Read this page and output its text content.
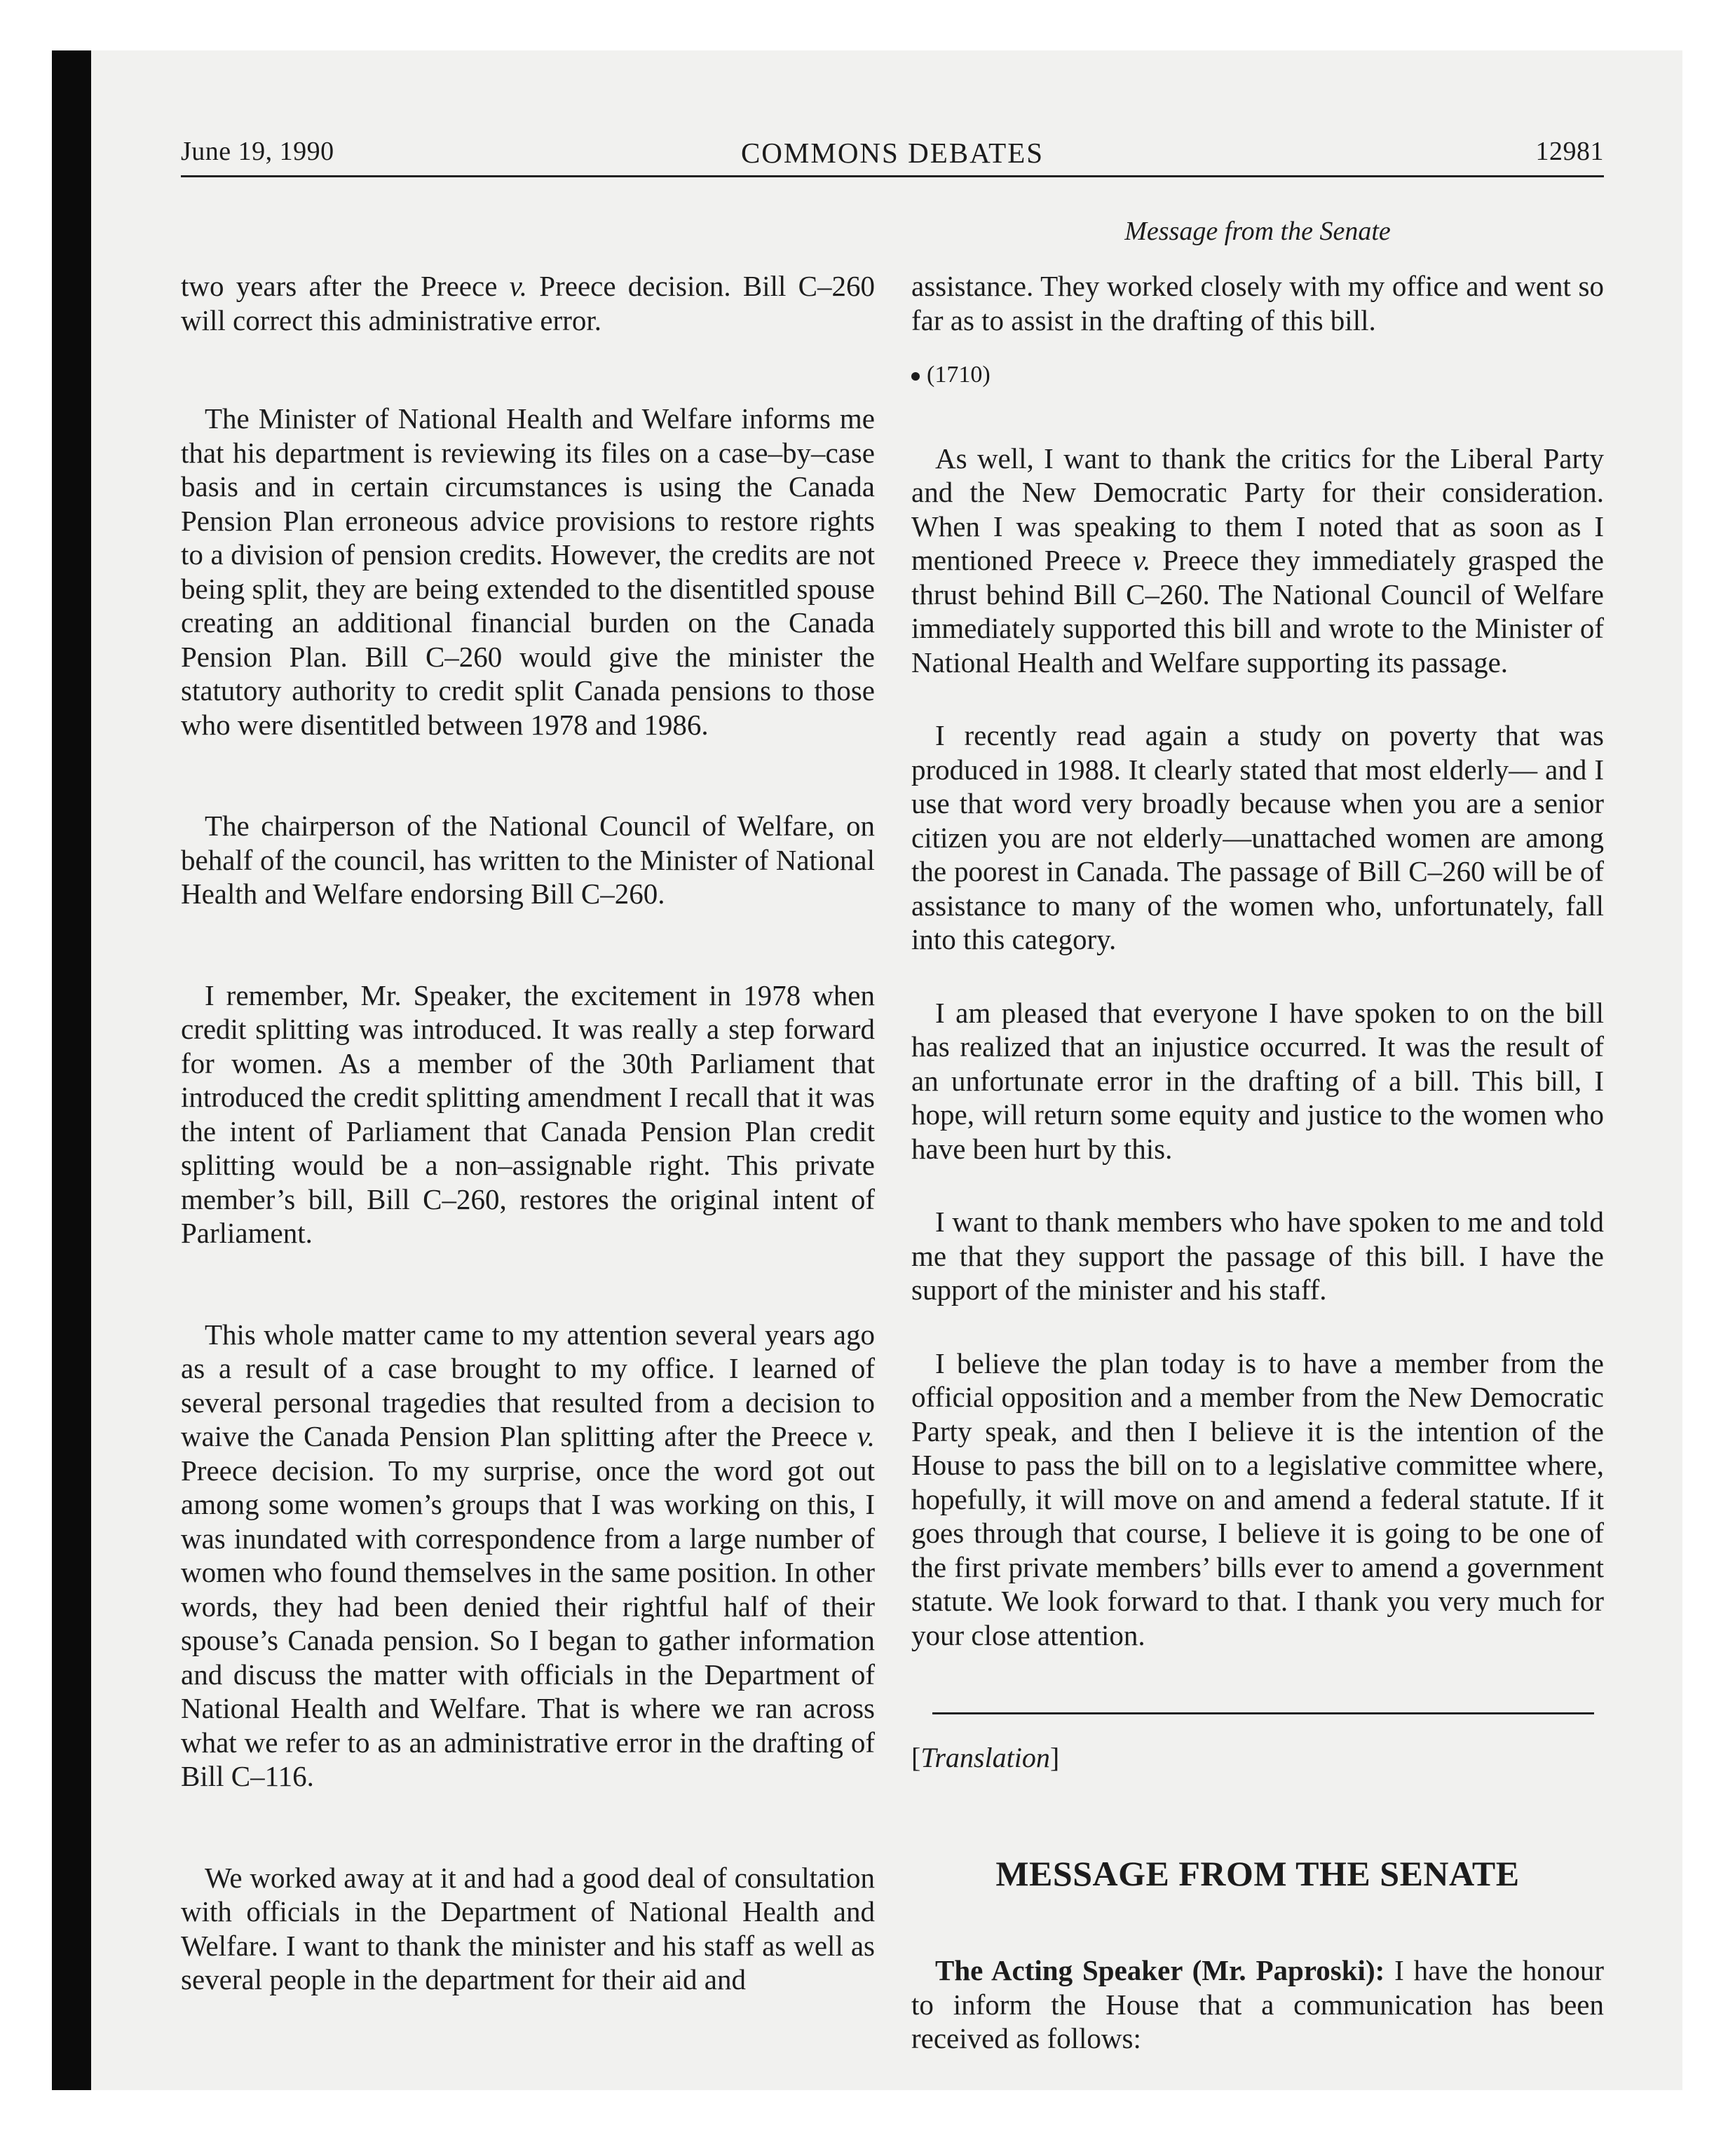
June 19, 1990	COMMONS DEBATES	12981
Message from the Senate

two years after the Preece v. Preece decision. Bill C–260 will correct this administrative error.

The Minister of National Health and Welfare informs me that his department is reviewing its files on a case–by–case basis and in certain circumstances is using the Canada Pension Plan erroneous advice provisions to restore rights to a division of pension credits. However, the credits are not being split, they are being extended to the disentitled spouse creating an additional financial burden on the Canada Pension Plan. Bill C–260 would give the minister the statutory authority to credit split Canada pensions to those who were disentitled between 1978 and 1986.

The chairperson of the National Council of Welfare, on behalf of the council, has written to the Minister of National Health and Welfare endorsing Bill C–260.

I remember, Mr. Speaker, the excitement in 1978 when credit splitting was introduced. It was really a step forward for women. As a member of the 30th Parliament that introduced the credit splitting amendment I recall that it was the intent of Parliament that Canada Pension Plan credit splitting would be a non–assignable right. This private member’s bill, Bill C–260, restores the original intent of Parliament.

This whole matter came to my attention several years ago as a result of a case brought to my office. I learned of several personal tragedies that resulted from a decision to waive the Canada Pension Plan splitting after the Preece v. Preece decision. To my surprise, once the word got out among some women’s groups that I was working on this, I was inundated with correspondence from a large number of women who found themselves in the same position. In other words, they had been denied their rightful half of their spouse’s Canada pension. So I began to gather information and discuss the matter with officials in the Department of National Health and Welfare. That is where we ran across what we refer to as an administrative error in the drafting of Bill C–116.

We worked away at it and had a good deal of consultation with officials in the Department of National Health and Welfare. I want to thank the minister and his staff as well as several people in the department for their aid and

assistance. They worked closely with my office and went so far as to assist in the drafting of this bill.

(1710)

As well, I want to thank the critics for the Liberal Party and the New Democratic Party for their consideration. When I was speaking to them I noted that as soon as I mentioned Preece v. Preece they immediately grasped the thrust behind Bill C–260. The National Council of Welfare immediately supported this bill and wrote to the Minister of National Health and Welfare supporting its passage.

I recently read again a study on poverty that was produced in 1988. It clearly stated that most elderly— and I use that word very broadly because when you are a senior citizen you are not elderly—unattached women are among the poorest in Canada. The passage of Bill C–260 will be of assistance to many of the women who, unfortunately, fall into this category.

I am pleased that everyone I have spoken to on the bill has realized that an injustice occurred. It was the result of an unfortunate error in the drafting of a bill. This bill, I hope, will return some equity and justice to the women who have been hurt by this.

I want to thank members who have spoken to me and told me that they support the passage of this bill. I have the support of the minister and his staff.

I believe the plan today is to have a member from the official opposition and a member from the New Democratic Party speak, and then I believe it is the intention of the House to pass the bill on to a legislative committee where, hopefully, it will move on and amend a federal statute. If it goes through that course, I believe it is going to be one of the first private members’ bills ever to amend a government statute. We look forward to that. I thank you very much for your close attention.

[Translation]
MESSAGE FROM THE SENATE

The Acting Speaker (Mr. Paproski): I have the honour to inform the House that a communication has been received as follows:
